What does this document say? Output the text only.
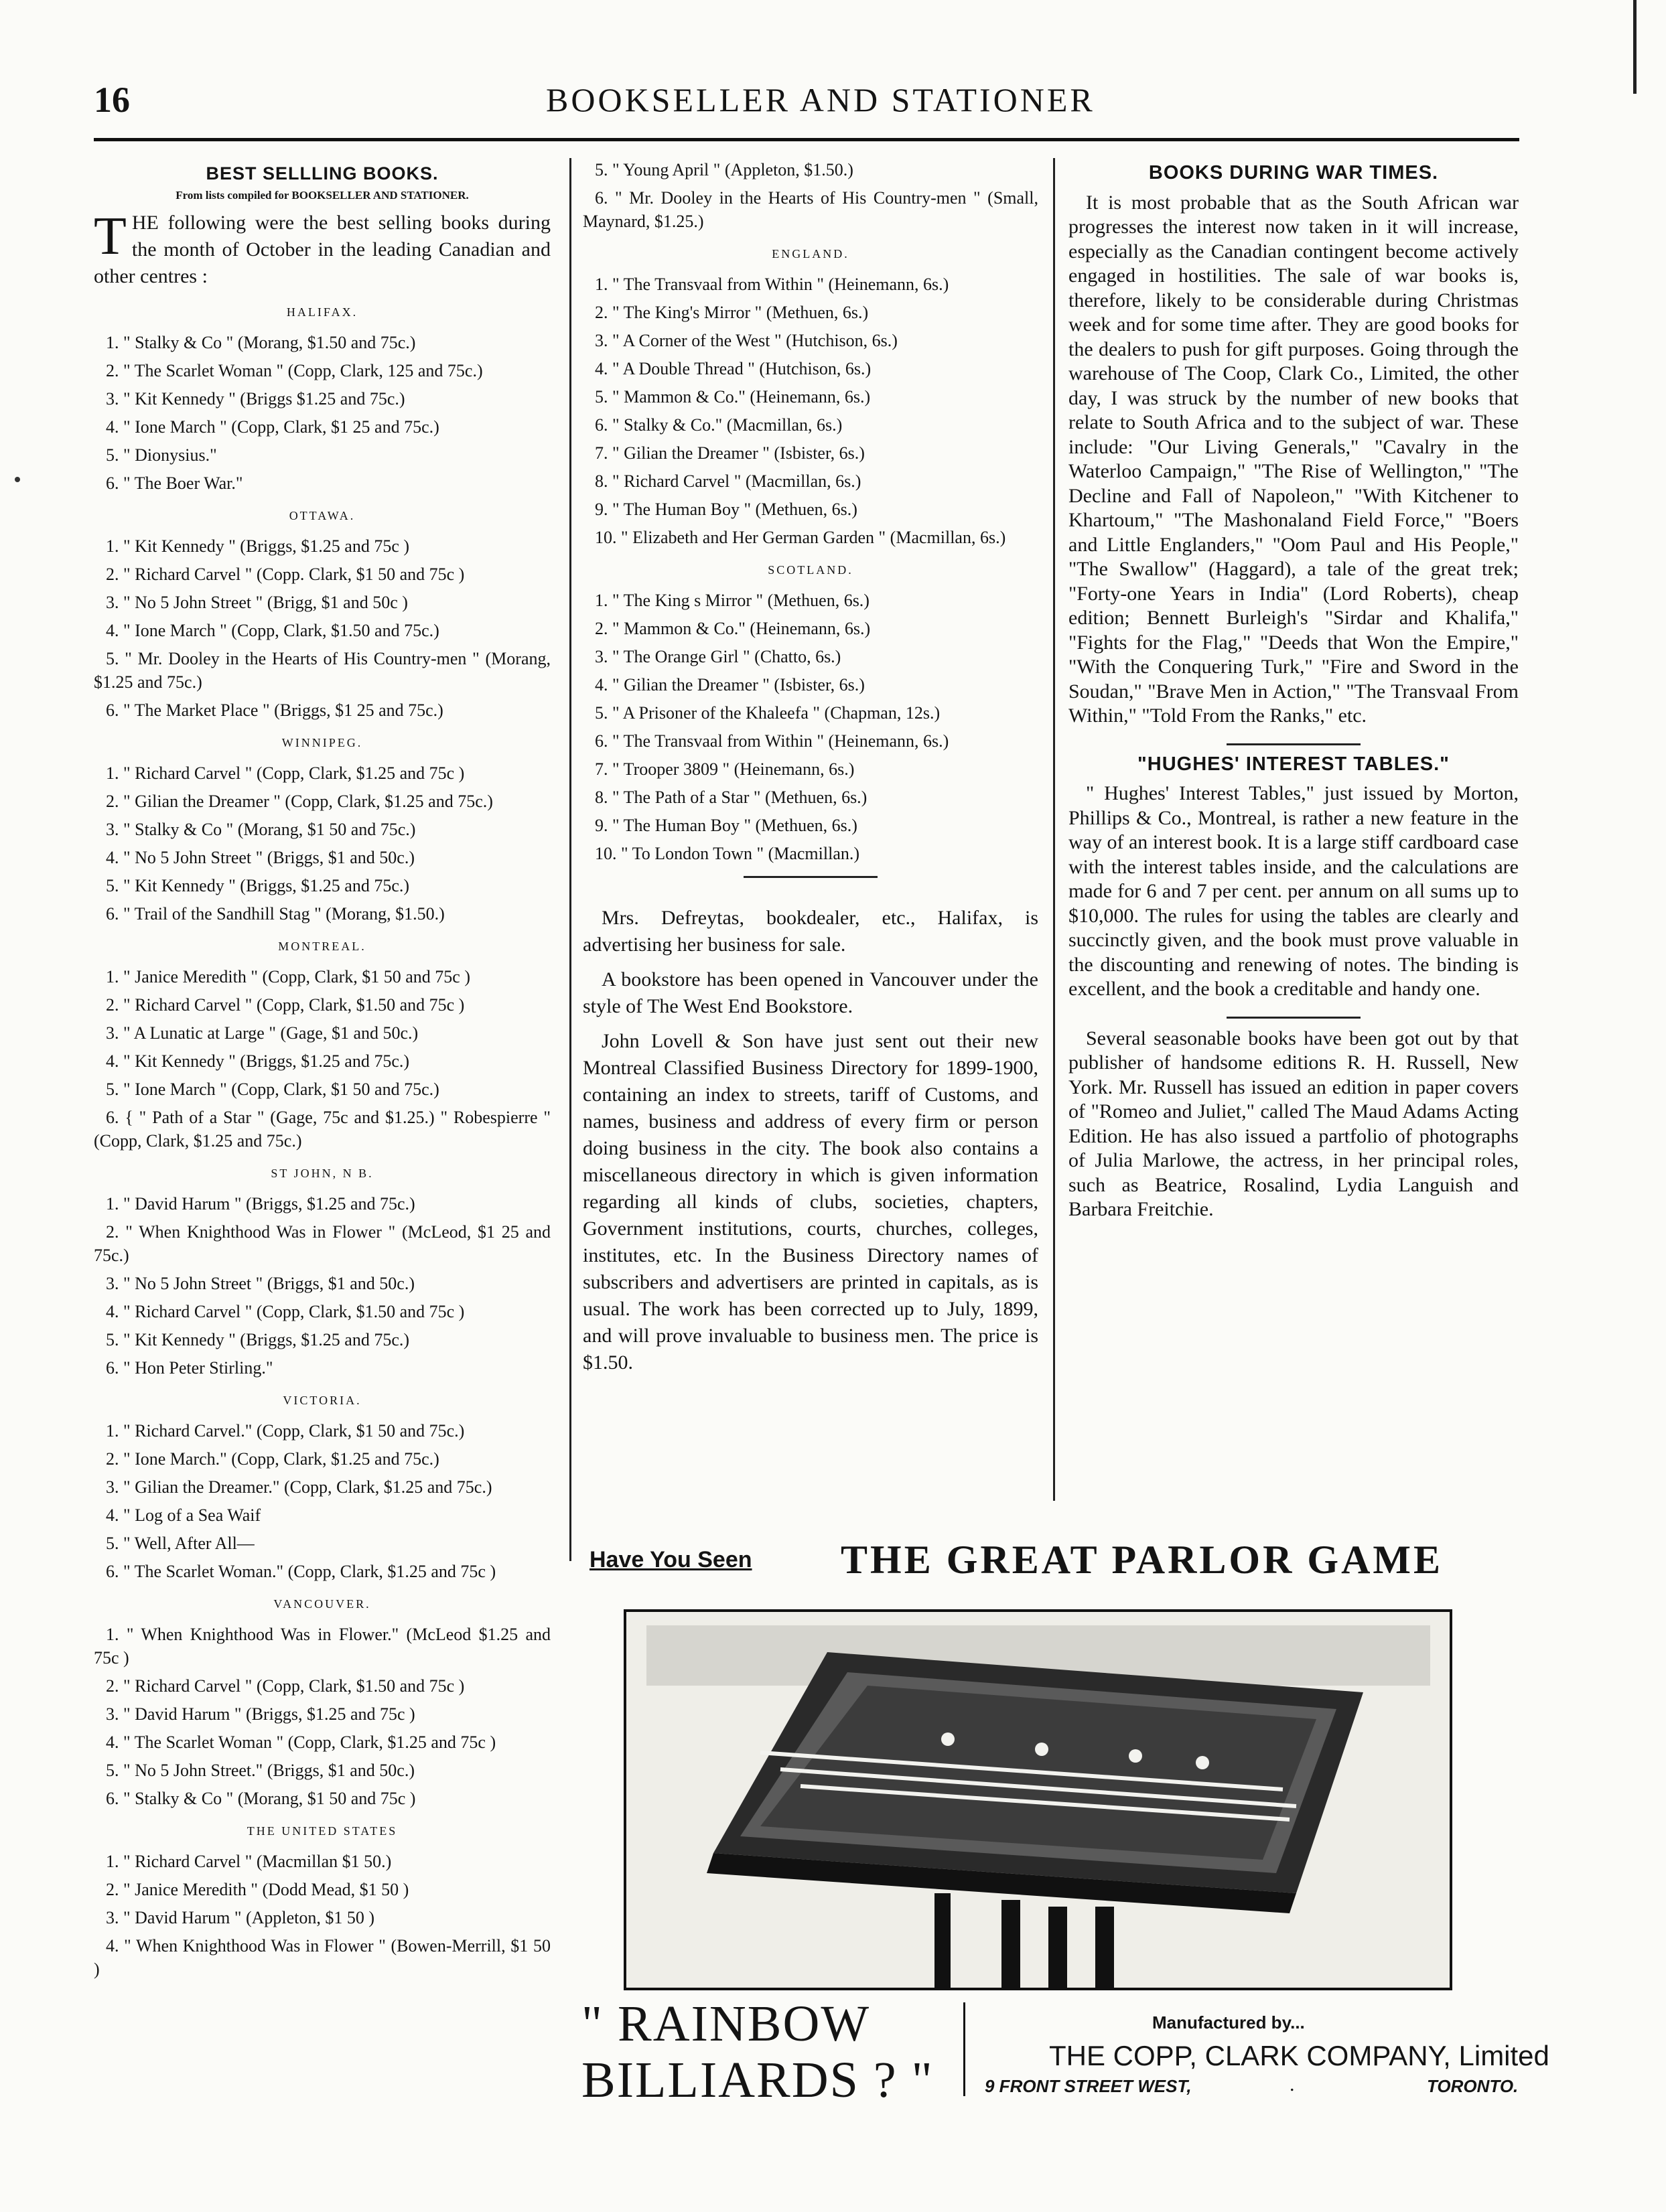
16	BOOKSELLER AND STATIONER
BEST SELLLING BOOKS.
From lists compiled for BOOKSELLER AND STATIONER.
THE following were the best selling books during the month of October in the leading Canadian and other centres :
HALIFAX.
1. " Stalky & Co " (Morang, $1.50 and 75c.)
2. " The Scarlet Woman " (Copp, Clark, 125 and 75c.)
3. " Kit Kennedy " (Briggs $1.25 and 75c.)
4. " Ione March " (Copp, Clark, $1 25 and 75c.)
5. " Dionysius."
6. " The Boer War."
OTTAWA.
1. " Kit Kennedy " (Briggs, $1.25 and 75c )
2. " Richard Carvel " (Copp. Clark, $1 50 and 75c )
3. " No 5 John Street " (Brigg, $1 and 50c )
4. " Ione March " (Copp, Clark, $1.50 and 75c.)
5. " Mr. Dooley in the Hearts of His Country-men " (Morang, $1.25 and 75c.)
6. " The Market Place " (Briggs, $1 25 and 75c.)
WINNIPEG.
1. " Richard Carvel " (Copp, Clark, $1.25 and 75c )
2. " Gilian the Dreamer " (Copp, Clark, $1.25 and 75c.)
3. " Stalky & Co " (Morang, $1 50 and 75c.)
4. " No 5 John Street " (Briggs, $1 and 50c.)
5. " Kit Kennedy " (Briggs, $1.25 and 75c.)
6. " Trail of the Sandhill Stag " (Morang, $1.50.)
MONTREAL.
1. " Janice Meredith " (Copp, Clark, $1 50 and 75c )
2. " Richard Carvel " (Copp, Clark, $1.50 and 75c )
3. " A Lunatic at Large " (Gage, $1 and 50c.)
4. " Kit Kennedy " (Briggs, $1.25 and 75c.)
5. " Ione March " (Copp, Clark, $1 50 and 75c.)
6. { " Path of a Star " (Gage, 75c and $1.25.) " Robespierre " (Copp, Clark, $1.25 and 75c.)
ST JOHN, N B.
1. " David Harum " (Briggs, $1.25 and 75c.)
2. " When Knighthood Was in Flower " (McLeod, $1 25 and 75c.)
3. " No 5 John Street " (Briggs, $1 and 50c.)
4. " Richard Carvel " (Copp, Clark, $1.50 and 75c )
5. " Kit Kennedy " (Briggs, $1.25 and 75c.)
6. " Hon Peter Stirling."
VICTORIA.
1. " Richard Carvel." (Copp, Clark, $1 50 and 75c.)
2. " Ione March." (Copp, Clark, $1.25 and 75c.)
3. " Gilian the Dreamer." (Copp, Clark, $1.25 and 75c.)
4. " Log of a Sea Waif
5. " Well, After All—
6. " The Scarlet Woman." (Copp, Clark, $1.25 and 75c )
VANCOUVER.
1. " When Knighthood Was in Flower." (McLeod $1.25 and 75c )
2. " Richard Carvel " (Copp, Clark, $1.50 and 75c )
3. " David Harum " (Briggs, $1.25 and 75c )
4. " The Scarlet Woman " (Copp, Clark, $1.25 and 75c )
5. " No 5 John Street." (Briggs, $1 and 50c.)
6. " Stalky & Co " (Morang, $1 50 and 75c )
THE UNITED STATES
1. " Richard Carvel " (Macmillan $1 50.)
2. " Janice Meredith " (Dodd Mead, $1 50 )
3. " David Harum " (Appleton, $1 50 )
4. " When Knighthood Was in Flower " (Bowen-Merrill, $1 50 )
5. " Young April " (Appleton, $1.50.)
6. " Mr. Dooley in the Hearts of His Country-men " (Small, Maynard, $1.25.)
ENGLAND.
1. " The Transvaal from Within " (Heinemann, 6s.)
2. " The King's Mirror " (Methuen, 6s.)
3. " A Corner of the West " (Hutchison, 6s.)
4. " A Double Thread " (Hutchison, 6s.)
5. " Mammon & Co." (Heinemann, 6s.)
6. " Stalky & Co." (Macmillan, 6s.)
7. " Gilian the Dreamer " (Isbister, 6s.)
8. " Richard Carvel " (Macmillan, 6s.)
9. " The Human Boy " (Methuen, 6s.)
10. " Elizabeth and Her German Garden " (Macmillan, 6s.)
SCOTLAND.
1. " The King s Mirror " (Methuen, 6s.)
2. " Mammon & Co." (Heinemann, 6s.)
3. " The Orange Girl " (Chatto, 6s.)
4. " Gilian the Dreamer " (Isbister, 6s.)
5. " A Prisoner of the Khaleefa " (Chapman, 12s.)
6. " The Transvaal from Within " (Heinemann, 6s.)
7. " Trooper 3809 " (Heinemann, 6s.)
8. " The Path of a Star " (Methuen, 6s.)
9. " The Human Boy " (Methuen, 6s.)
10. " To London Town " (Macmillan.)

Mrs. Defreytas, bookdealer, etc., Halifax, is advertising her business for sale.

A bookstore has been opened in Vancouver under the style of The West End Bookstore.

John Lovell & Son have just sent out their new Montreal Classified Business Directory for 1899-1900, containing an index to streets, tariff of Customs, and names, business and address of every firm or person doing business in the city. The book also contains a miscellaneous directory in which is given information regarding all kinds of clubs, societies, chapters, Government institutions, courts, churches, colleges, institutes, etc. In the Business Directory names of subscribers and advertisers are printed in capitals, as is usual. The work has been corrected up to July, 1899, and will prove invaluable to business men. The price is $1.50.

BOOKS DURING WAR TIMES.

It is most probable that as the South African war progresses the interest now taken in it will increase, especially as the Canadian contingent become actively engaged in hostilities. The sale of war books is, therefore, likely to be considerable during Christmas week and for some time after. They are good books for the dealers to push for gift purposes. Going through the warehouse of The Coop, Clark Co., Limited, the other day, I was struck by the number of new books that relate to South Africa and to the subject of war. These include: "Our Living Generals," "Cavalry in the Waterloo Campaign," "The Rise of Wellington," "The Decline and Fall of Napoleon," "With Kitchener to Khartoum," "The Mashonaland Field Force," "Boers and Little Englanders," "Oom Paul and His People," "The Swallow" (Haggard), a tale of the great trek; "Forty-one Years in India" (Lord Roberts), cheap edition; Bennett Burleigh's "Sirdar and Khalifa," "Fights for the Flag," "Deeds that Won the Empire," "With the Conquering Turk," "Fire and Sword in the Soudan," "Brave Men in Action," "The Transvaal From Within," "Told From the Ranks," etc.

"HUGHES' INTEREST TABLES."

" Hughes' Interest Tables," just issued by Morton, Phillips & Co., Montreal, is rather a new feature in the way of an interest book. It is a large stiff cardboard case with the interest tables inside, and the calculations are made for 6 and 7 per cent. per annum on all sums up to $10,000. The rules for using the tables are clearly and succinctly given, and the book must prove valuable in the discounting and renewing of notes. The binding is excellent, and the book a creditable and handy one.

Several seasonable books have been got out by that publisher of handsome editions R. H. Russell, New York. Mr. Russell has issued an edition in paper covers of "Romeo and Juliet," called The Maud Adams Acting Edition. He has also issued a partfolio of photographs of Julia Marlowe, the actress, in her principal roles, such as Beatrice, Rosalind, Lydia Languish and Barbara Freitchie.

Have You Seen THE GREAT PARLOR GAME
" RAINBOW
BILLIARDS ? "
Manufactured by...
THE COPP, CLARK COMPANY, Limited
9 FRONT STREET WEST,	.	TORONTO.
